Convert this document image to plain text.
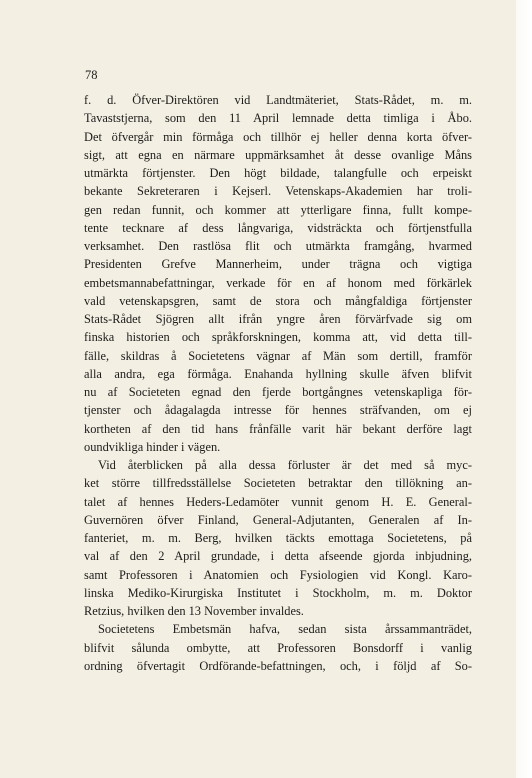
78
f. d. Öfver-Direktören vid Landtmäteriet, Stats-Rådet, m. m.
Tavaststjerna, som den 11 April lemnade detta timliga i Åbo.
Det öfvergår min förmåga och tillhör ej heller denna korta öfver-
sigt, att egna en närmare uppmärksamhet åt desse ovanlige Måns
utmärkta förtjenster. Den högt bildade, talangfulle och erpeiskt
bekante Sekreteraren i Kejserl. Vetenskaps-Akademien har troli-
gen redan funnit, och kommer att ytterligare finna, fullt kompe-
tente tecknare af dess långvariga, vidsträckta och förtjenstfulla
verksamhet. Den rastlösa flit och utmärkta framgång, hvarmed
Presidenten Grefve Mannerheim, under trägna och vigtiga
embetsmannabefattningar, verkade för en af honom med förkärlek
vald vetenskapsgren, samt de stora och mångfaldiga förtjenster
Stats-Rådet Sjögren allt ifrån yngre åren förvärfvade sig om
finska historien och språkforskningen, komma att, vid detta till-
fälle, skildras å Societetens vägnar af Män som dertill, framför
alla andra, ega förmåga. Enahanda hyllning skulle äfven blifvit
nu af Societeten egnad den fjerde bortgångnes vetenskapliga för-
tjenster och ådagalagda intresse för hennes sträfvanden, om ej
kortheten af den tid hans frånfälle varit här bekant derföre lagt
oundvikliga hinder i vägen.
Vid återblicken på alla dessa förluster är det med så myc-
ket större tillfredsställelse Societeten betraktar den tillökning an-
talet af hennes Heders-Ledamöter vunnit genom H. E. General-
Guvernören öfver Finland, General-Adjutanten, Generalen af In-
fanteriet, m. m. Berg, hvilken täckts emottaga Societetens, på
val af den 2 April grundade, i detta afseende gjorda inbjudning,
samt Professoren i Anatomien och Fysiologien vid Kongl. Karo-
linska Mediko-Kirurgiska Institutet i Stockholm, m. m. Doktor
Retzius, hvilken den 13 November invaldes.
Societetens Embetsmän hafva, sedan sista årssammanträdet,
blifvit sålunda ombytte, att Professoren Bonsdorff i vanlig
ordning öfvertagit Ordförande-befattningen, och, i följd af So-
